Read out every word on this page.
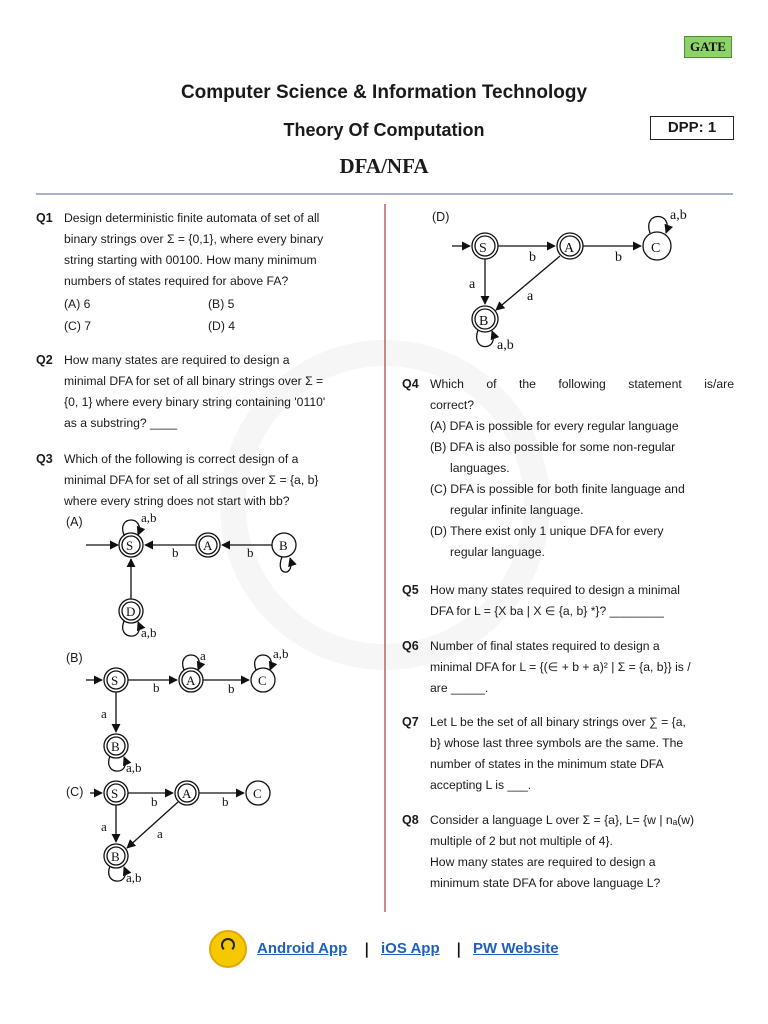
GATE
Computer Science & Information Technology
Theory Of Computation	DPP: 1
DFA/NFA
Q1 Design deterministic finite automata of set of all
binary strings over Σ = {0,1}, where every binary
string starting with 00100. How many minimum
numbers of states required for above FA?
(A) 6	(B) 5
(C) 7	(D) 4
Q2 How many states are required to design a
minimal DFA for set of all binary strings over Σ =
{0, 1} where every binary string containing '0110'
as a substring? ____
Q3 Which of the following is correct design of a
minimal DFA for set of all strings over Σ = {a, b}
where every string does not start with bb?
(A)
(B)
(C)
(D)
S	A	B
D
a,b
b	b
a,b
S	A	C
B
a	a,b
b	b
a
a,b
S	A	C
B
b	b
a	a
a,b
S	A	C
B
a,b
b	b
a
a
a,b
Q4 Which of the following statement is/are
correct?
(A) DFA is possible for every regular language
(B) DFA is also possible for some non-regular
languages.
(C) DFA is possible for both finite language and
regular infinite language.
(D) There exist only 1 unique DFA for every
regular language.
Q5 How many states required to design a minimal
DFA for L = {X ba | X ∈ {a, b} *}? ________
Q6 Number of final states required to design a
minimal DFA for L = {(∈ + b + a)² | Σ = {a, b}} is /
are _____.
Q7 Let L be the set of all binary strings over ∑ = {a,
b} whose last three symbols are the same. The
number of states in the minimum state DFA
accepting L is ___.
Q8 Consider a language L over Σ = {a}, L= {w | nₐ(w)
multiple of 2 but not multiple of 4}.
How many states are required to design a
minimum state DFA for above language L?
Android App | iOS App | PW Website
